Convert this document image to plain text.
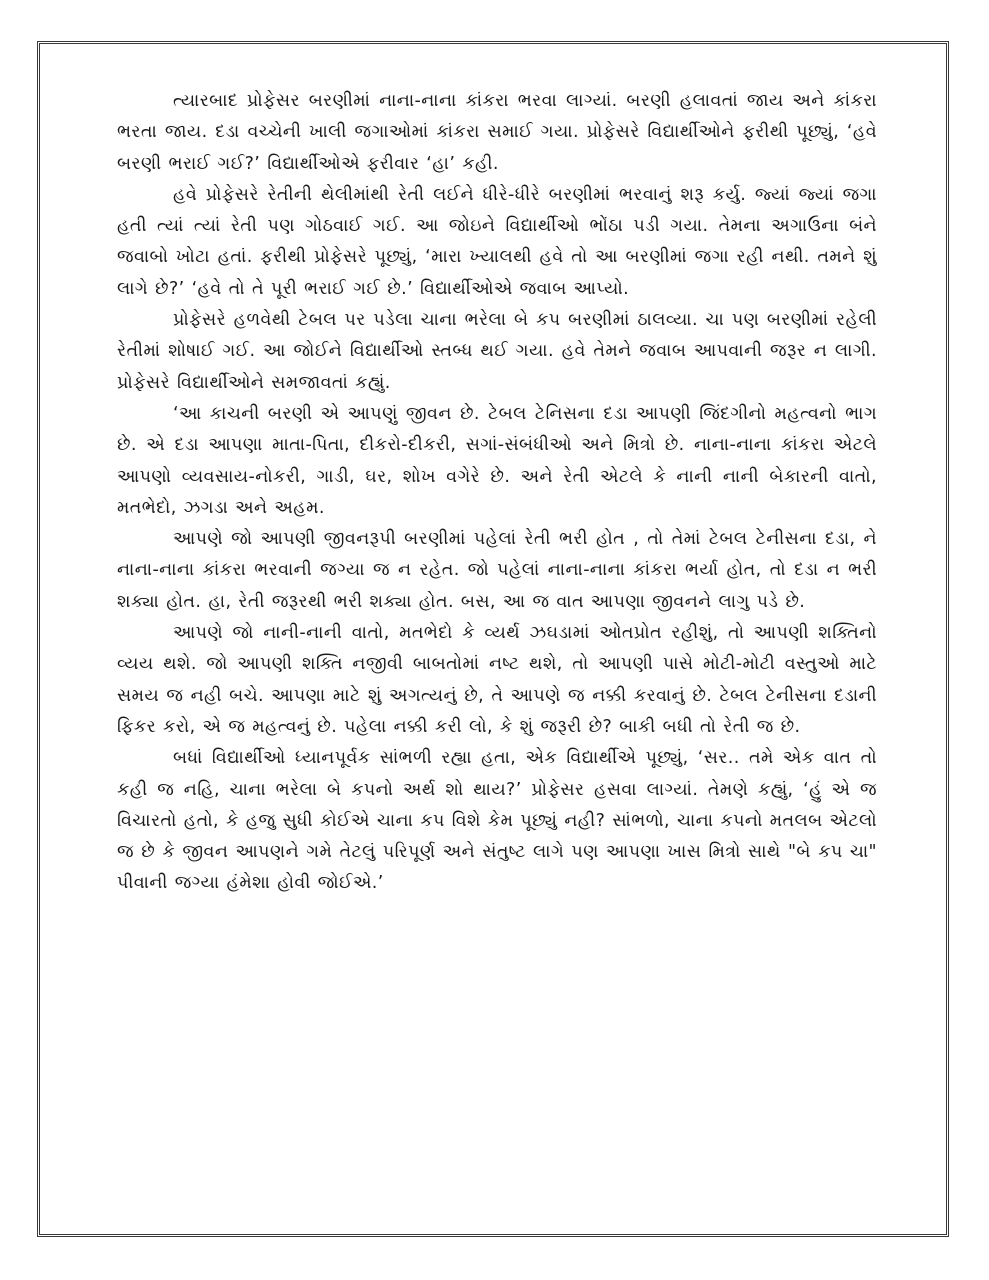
ત્યારબાદ પ્રોફેસર બરણીમાં નાના-નાના કાંકરા ભરવા લાગ્યાં. બરણી હલાવતાં જાય અને કાંકરા ભરતા જાય. દડા વચ્ચેની ખાલી જગાઓમાં કાંકરા સમાઈ ગયા. પ્રોફેસરે વિદ્યાર્થીઓને ફરીથી પૂછ્યું, ‘હવે બરણી ભરાઈ ગઈ?’ વિદ્યાર્થીઓએ ફરીવાર ‘હા’ કહી.

હવે પ્રોફેસરે રેતીની થેલીમાંથી રેતી લઈને ધીરે-ધીરે બરણીમાં ભરવાનું શરૂ કર્યુ. જ્યાં જ્યાં જગા હતી ત્યાં ત્યાં રેતી પણ ગોઠવાઈ ગઈ. આ જોઇને વિદ્યાર્થીઓ ભોંઠા પડી ગયા. તેમના અગાઉના બંને જવાબો ખોટા હતાં. ફરીથી પ્રોફેસરે પૂછ્યું, ‘મારા ખ્યાલથી હવે તો આ બરણીમાં જગા રહી નથી. તમને શું લાગે છે?’ ‘હવે તો તે પૂરી ભરાઈ ગઈ છે.’ વિદ્યાર્થીઓએ જવાબ આપ્યો.

પ્રોફેસરે હળવેથી ટેબલ પર પડેલા ચાના ભરેલા બે કપ બરણીમાં ઠાલવ્યા. ચા પણ બરણીમાં રહેલી રેતીમાં શોષાઈ ગઈ. આ જોઈને વિદ્યાર્થીઓ સ્તબ્ધ થઈ ગયા. હવે તેમને જવાબ આપવાની જરૂર ન લાગી. પ્રોફેસરે વિદ્યાર્થીઓને સમજાવતાં કહ્યું.

‘આ કાચની બરણી એ આપણું જીવન છે. ટેબલ ટેનિસના દડા આપણી જિંદગીનો મહત્વનો ભાગ છે. એ દડા આપણા માતા-પિતા, દીકરો-દીકરી, સગાં-સંબંધીઓ અને મિત્રો છે. નાના-નાના કાંકરા એટલે આપણો વ્યવસાય-નોકરી, ગાડી, ઘર, શોખ વગેરે છે. અને રેતી એટલે કે નાની નાની બેકારની વાતો, મતભેદો, ઝગડા અને અહમ.

આપણે જો આપણી જીવનરૂપી બરણીમાં પહેલાં રેતી ભરી હોત , તો તેમાં ટેબલ ટેનીસના દડા, ને નાના-નાના કાંકરા ભરવાની જગ્યા જ ન રહેત. જો પહેલાં નાના-નાના કાંકરા ભર્યા હોત, તો દડા ન ભરી શક્યા હોત. હા, રેતી જરૂરથી ભરી શક્યા હોત. બસ, આ જ વાત આપણા જીવનને લાગુ પડે છે.

આપણે જો નાની-નાની વાતો, મતભેદો કે વ્યર્થ ઝઘડામાં ઓતપ્રોત રહીશું, તો આપણી શક્તિનો વ્યય થશે. જો આપણી શક્તિ નજીવી બાબતોમાં નષ્ટ થશે, તો આપણી પાસે મોટી-મોટી વસ્તુઓ માટે સમય જ નહી બચે. આપણા માટે શું અગત્યનું છે, તે આપણે જ નક્કી કરવાનું છે. ટેબલ ટેનીસના દડાની ફિકર કરો, એ જ મહત્વનું છે. પહેલા નક્કી કરી લો, કે શું જરૂરી છે? બાકી બધી તો રેતી જ છે.

બધાં વિદ્યાર્થીઓ ધ્યાનપૂર્વક સાંભળી રહ્યા હતા, એક વિદ્યાર્થીએ પૂછ્યું, ‘સર.. તમે એક વાત તો કહી જ નહિ, ચાના ભરેલા બે કપનો અર્થ શો થાય?’ પ્રોફેસર હસવા લાગ્યાં. તેમણે કહ્યું, ‘હું એ જ વિચારતો હતો, કે હજુ સુધી કોઈએ ચાના કપ વિશે કેમ પૂછ્યું નહી? સાંભળો, ચાના કપનો મતલબ એટલો જ છે કે જીવન આપણને ગમે તેટલું પરિપૂર્ણ અને સંતુષ્ટ લાગે પણ આપણા ખાસ મિત્રો સાથે "બે કપ ચા" પીવાની જગ્યા હંમેશા હોવી જોઈએ.’
